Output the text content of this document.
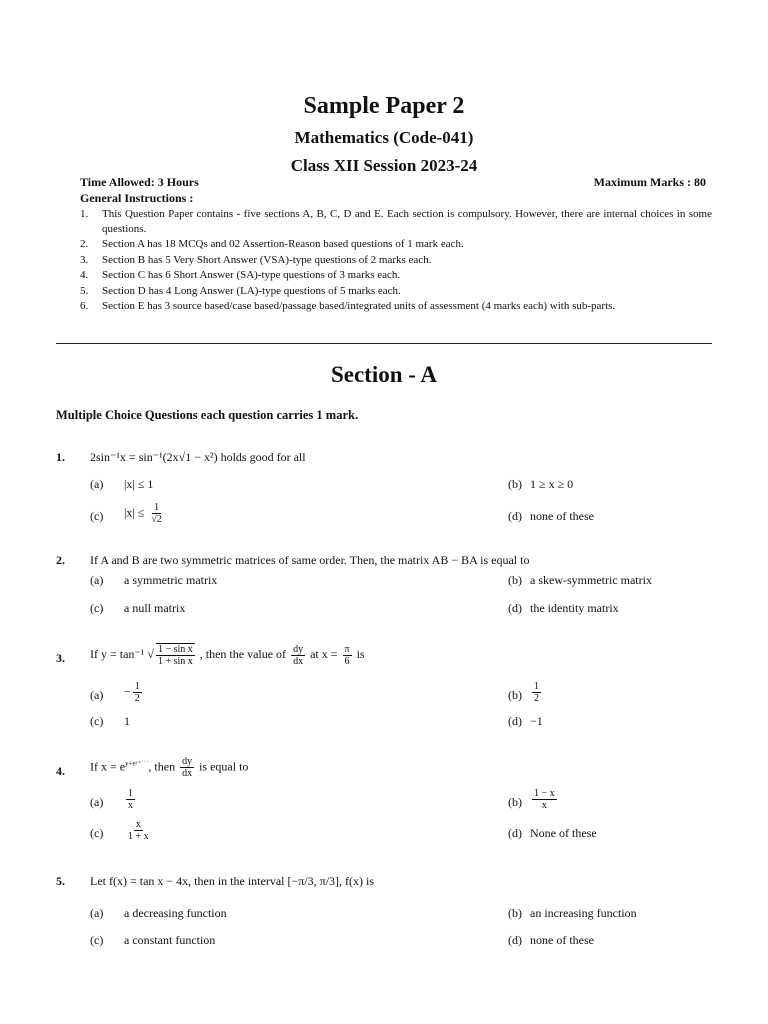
Sample Paper 2
Mathematics (Code-041)
Class XII Session 2023-24
Time Allowed: 3 Hours	Maximum Marks : 80
General Instructions :
1.	This Question Paper contains - five sections A, B, C, D and E. Each section is compulsory. However, there are internal choices in some questions.
2.	Section A has 18 MCQs and 02 Assertion-Reason based questions of 1 mark each.
3.	Section B has 5 Very Short Answer (VSA)-type questions of 2 marks each.
4.	Section C has 6 Short Answer (SA)-type questions of 3 marks each.
5.	Section D has 4 Long Answer (LA)-type questions of 5 marks each.
6.	Section E has 3 source based/case based/passage based/integrated units of assessment (4 marks each) with sub-parts.
Section - A
Multiple Choice Questions each question carries 1 mark.
1. 2sin⁻¹x = sin⁻¹(2x√1 − x²) holds good for all
(a) |x| ≤ 1	(b) 1 ≥ x ≥ 0
(c) $|x| \le \frac{1}{√2}$	(d) none of these
2. If A and B are two symmetric matrices of same order. Then, the matrix AB − BA is equal to
(a) a symmetric matrix	(b) a skew-symmetric matrix
(c) a null matrix	(d) the identity matrix
3. If y = tan⁻¹ √ $\frac{\text{1 − sin x}}{\text{1 + sin x}}$ , then the value of $\frac{dy}{dx}$ at $x = \frac{\pi}{6}$ is
$(a) - \frac{1}{2}$	$(b) \frac{1}{2}$
(c) 1	(d) −1
4. If $x = e^{y+eʸ^+˙˙˙}$, then $\frac{dy}{dx}$ is equal to
$(a) \frac{1}{x}$	$(b) \frac{1 - x}{x}$
$(c) \frac{x}{1 + x}$	(d) None of these
5. Let f(x) = tan x − 4x, then in the interval [−π/3, π/3], f(x) is
(a) a decreasing function	(b) an increasing function
(c) a constant function	(d) none of these
